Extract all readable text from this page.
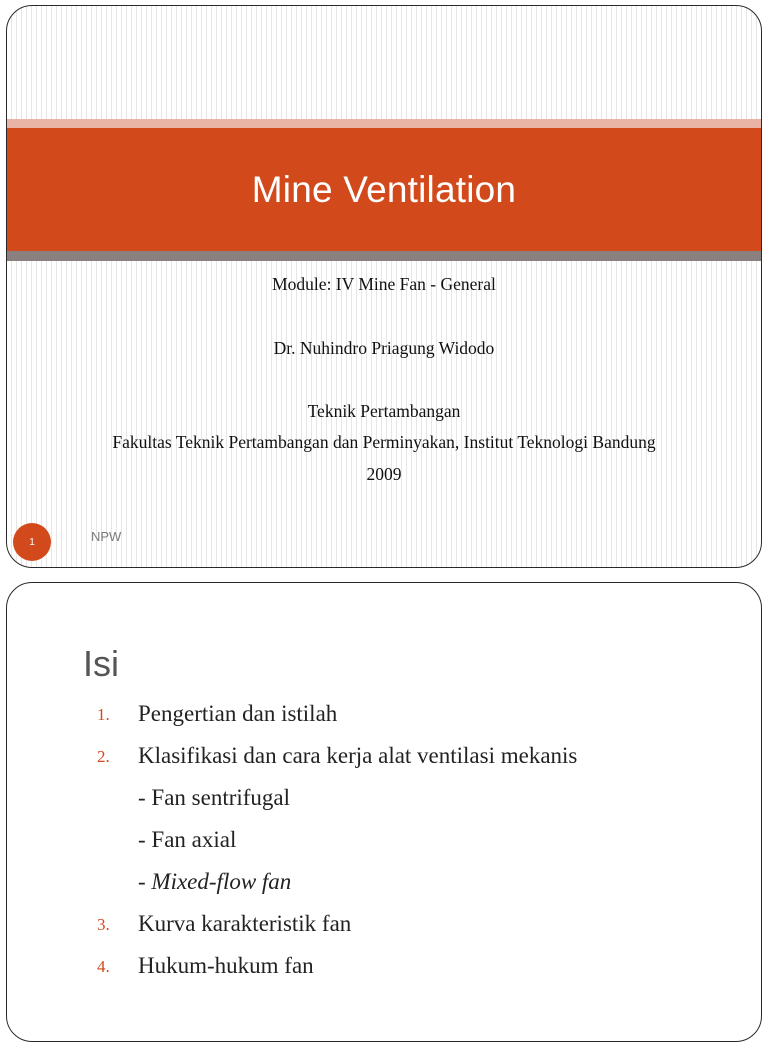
Mine Ventilation
Module: IV Mine Fan - General
Dr. Nuhindro Priagung Widodo
Teknik Pertambangan
Fakultas Teknik Pertambangan dan Perminyakan, Institut Teknologi Bandung
2009
1	NPW
Isi
1. Pengertian dan istilah
2. Klasifikasi dan cara kerja alat ventilasi mekanis
- Fan sentrifugal
- Fan axial
- Mixed-flow fan
3. Kurva karakteristik fan
4. Hukum-hukum fan
